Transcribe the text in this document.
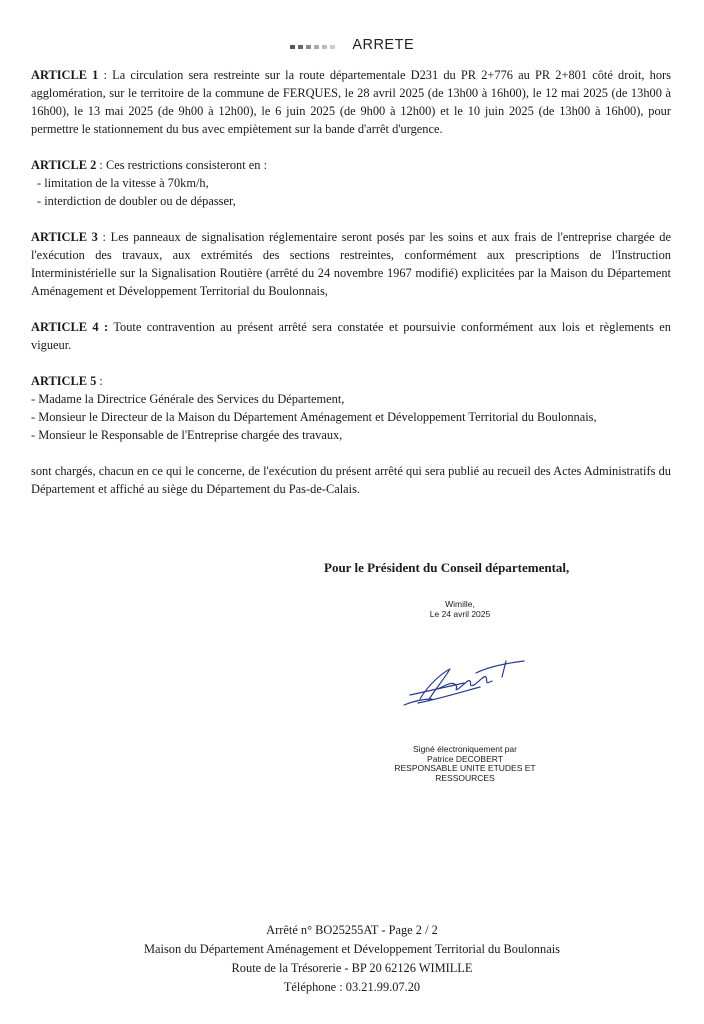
ARRETE

ARTICLE 1 : La circulation sera restreinte sur la route départementale D231 du PR 2+776 au PR 2+801 côté droit, hors agglomération, sur le territoire de la commune de FERQUES, le 28 avril 2025 (de 13h00 à 16h00), le 12 mai 2025 (de 13h00 à 16h00), le 13 mai 2025 (de 9h00 à 12h00), le 6 juin 2025 (de 9h00 à 12h00) et le 10 juin 2025 (de 13h00 à 16h00), pour permettre le stationnement du bus avec empiètement sur la bande d'arrêt d'urgence.

ARTICLE 2 : Ces restrictions consisteront en :

- limitation de la vitesse à 70km/h,

- interdiction de doubler ou de dépasser,

ARTICLE 3 : Les panneaux de signalisation réglementaire seront posés par les soins et aux frais de l'entreprise chargée de l'exécution des travaux, aux extrémités des sections restreintes, conformément aux prescriptions de l'Instruction Interministérielle sur la Signalisation Routière (arrêté du 24 novembre 1967 modifié) explicitées par la Maison du Département Aménagement et Développement Territorial du Boulonnais,

ARTICLE 4 : Toute contravention au présent arrêté sera constatée et poursuivie conformément aux lois et règlements en vigueur.

ARTICLE 5 :

- Madame la Directrice Générale des Services du Département,

- Monsieur le Directeur de la Maison du Département Aménagement et Développement Territorial du Boulonnais,

- Monsieur le Responsable de l'Entreprise chargée des travaux,

sont chargés, chacun en ce qui le concerne, de l'exécution du présent arrêté qui sera publié au recueil des Actes Administratifs du Département et affiché au siège du Département du Pas-de-Calais.

Pour le Président du Conseil départemental,
Wimille,
Le 24 avril 2025
Signé électroniquement par
Patrice DECOBERT
RESPONSABLE UNITE ETUDES ET
RESSOURCES
Arrêté n° BO25255AT - Page 2 / 2
Maison du Département Aménagement et Développement Territorial du Boulonnais
Route de la Trésorerie - BP 20 62126 WIMILLE
Téléphone : 03.21.99.07.20
